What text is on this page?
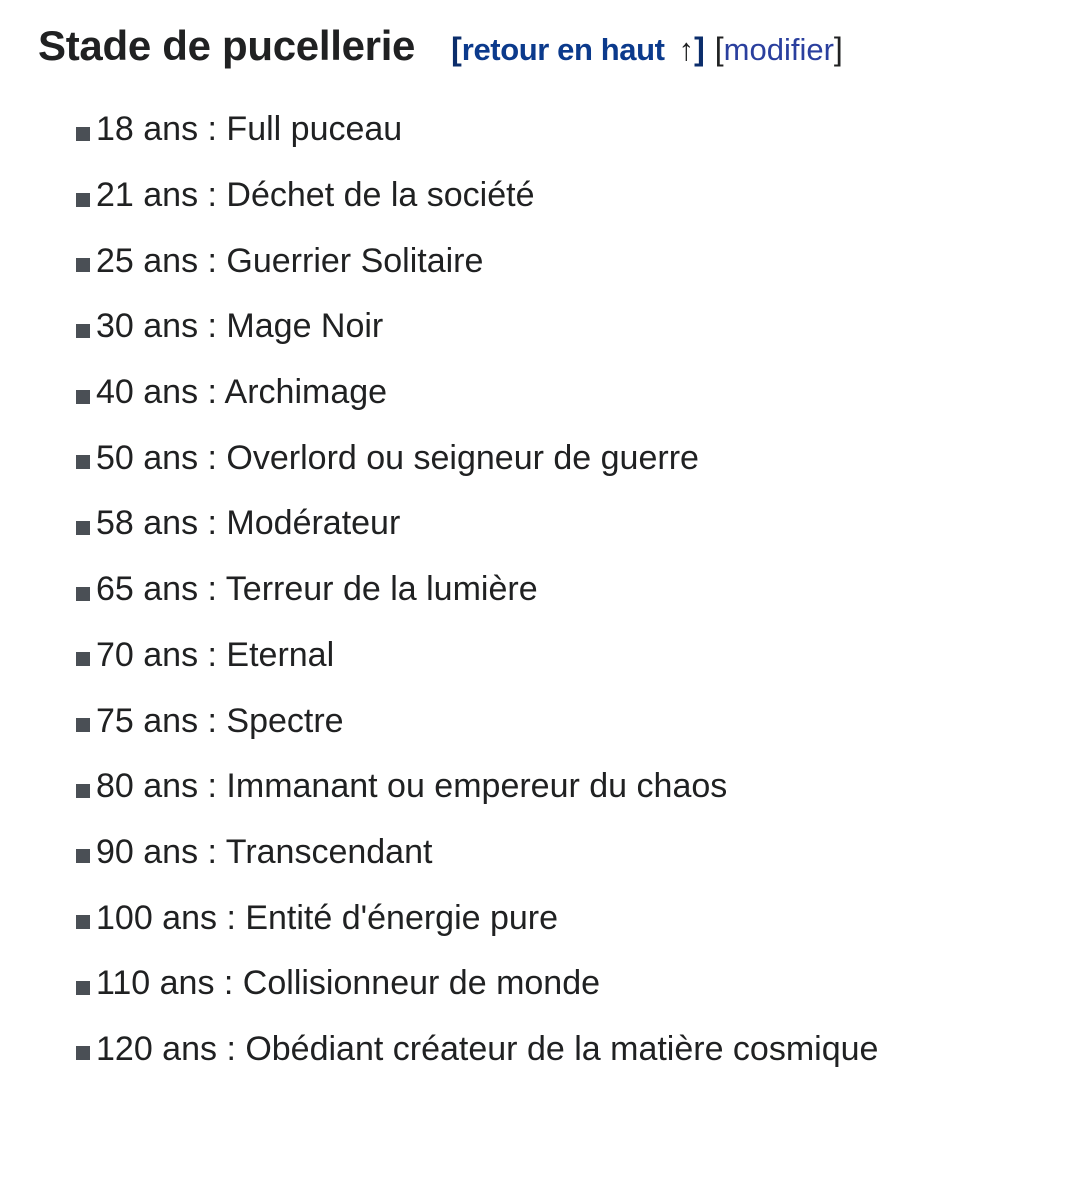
Stade de pucellerie [ retour en haut ↑ ] [ modifier ]
18 ans : Full puceau
21 ans : Déchet de la société
25 ans : Guerrier Solitaire
30 ans : Mage Noir
40 ans : Archimage
50 ans : Overlord ou seigneur de guerre
58 ans : Modérateur
65 ans : Terreur de la lumière
70 ans : Eternal
75 ans : Spectre
80 ans : Immanant ou empereur du chaos
90 ans : Transcendant
100 ans : Entité d'énergie pure
110 ans : Collisionneur de monde
120 ans : Obédiant créateur de la matière cosmique
